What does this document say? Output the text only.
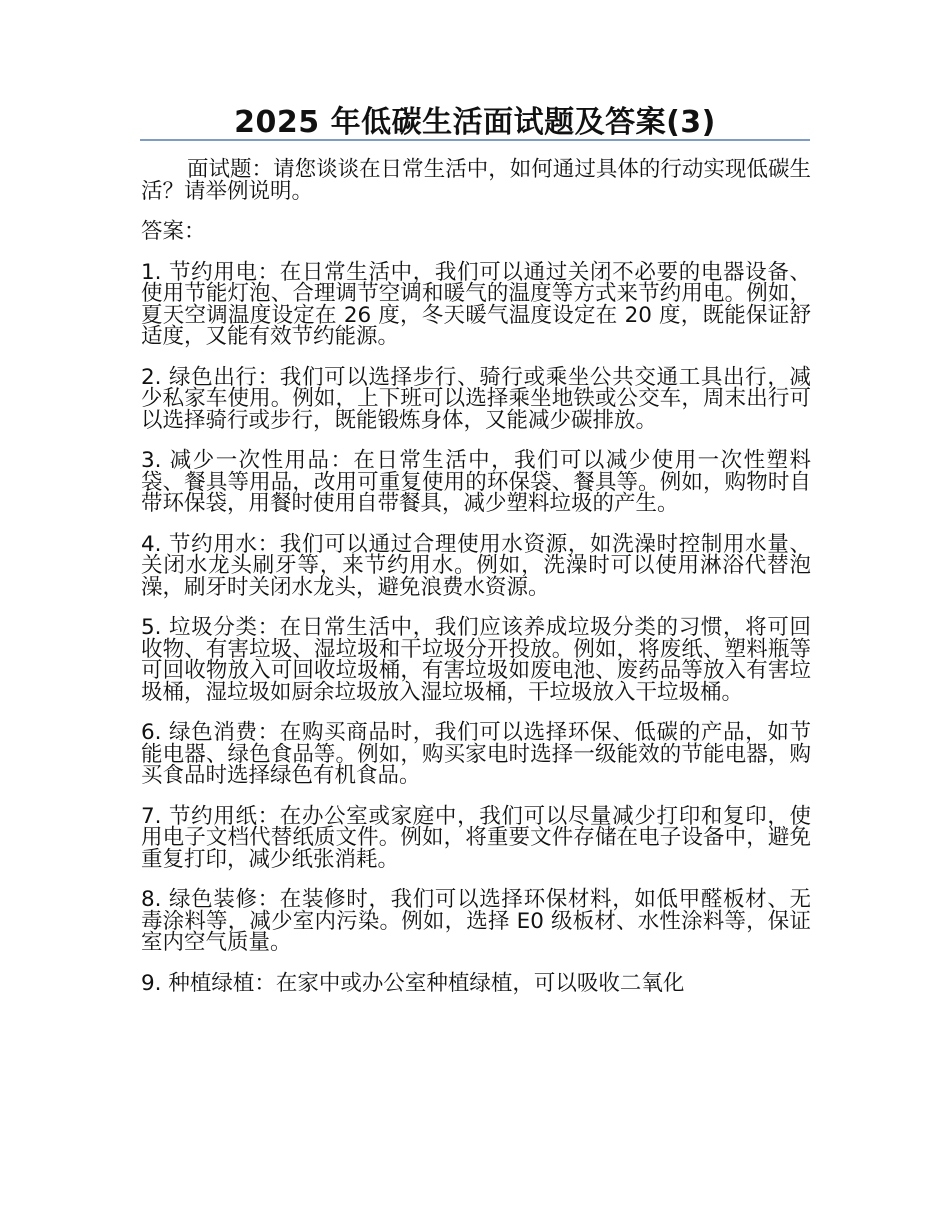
2025 年低碳生活面试题及答案(3)

面试题：请您谈谈在日常生活中，如何通过具体的行动实现低碳生活？请举例说明。

答案：

1. 节约用电：在日常生活中，我们可以通过关闭不必要的电器设备、使用节能灯泡、合理调节空调和暖气的温度等方式来节约用电。例如，夏天空调温度设定在 26 度，冬天暖气温度设定在 20 度，既能保证舒适度，又能有效节约能源。

2. 绿色出行：我们可以选择步行、骑行或乘坐公共交通工具出行，减少私家车使用。例如，上下班可以选择乘坐地铁或公交车，周末出行可以选择骑行或步行，既能锻炼身体，又能减少碳排放。

3. 减少一次性用品：在日常生活中，我们可以减少使用一次性塑料袋、餐具等用品，改用可重复使用的环保袋、餐具等。例如，购物时自带环保袋，用餐时使用自带餐具，减少塑料垃圾的产生。

4. 节约用水：我们可以通过合理使用水资源，如洗澡时控制用水量、关闭水龙头刷牙等，来节约用水。例如，洗澡时可以使用淋浴代替泡澡，刷牙时关闭水龙头，避免浪费水资源。

5. 垃圾分类：在日常生活中，我们应该养成垃圾分类的习惯，将可回收物、有害垃圾、湿垃圾和干垃圾分开投放。例如，将废纸、塑料瓶等可回收物放入可回收垃圾桶，有害垃圾如废电池、废药品等放入有害垃圾桶，湿垃圾如厨余垃圾放入湿垃圾桶，干垃圾放入干垃圾桶。

6. 绿色消费：在购买商品时，我们可以选择环保、低碳的产品，如节能电器、绿色食品等。例如，购买家电时选择一级能效的节能电器，购买食品时选择绿色有机食品。

7. 节约用纸：在办公室或家庭中，我们可以尽量减少打印和复印，使用电子文档代替纸质文件。例如，将重要文件存储在电子设备中，避免重复打印，减少纸张消耗。

8. 绿色装修：在装修时，我们可以选择环保材料，如低甲醛板材、无毒涂料等，减少室内污染。例如，选择 E0 级板材、水性涂料等，保证室内空气质量。

9. 种植绿植：在家中或办公室种植绿植，可以吸收二氧化
